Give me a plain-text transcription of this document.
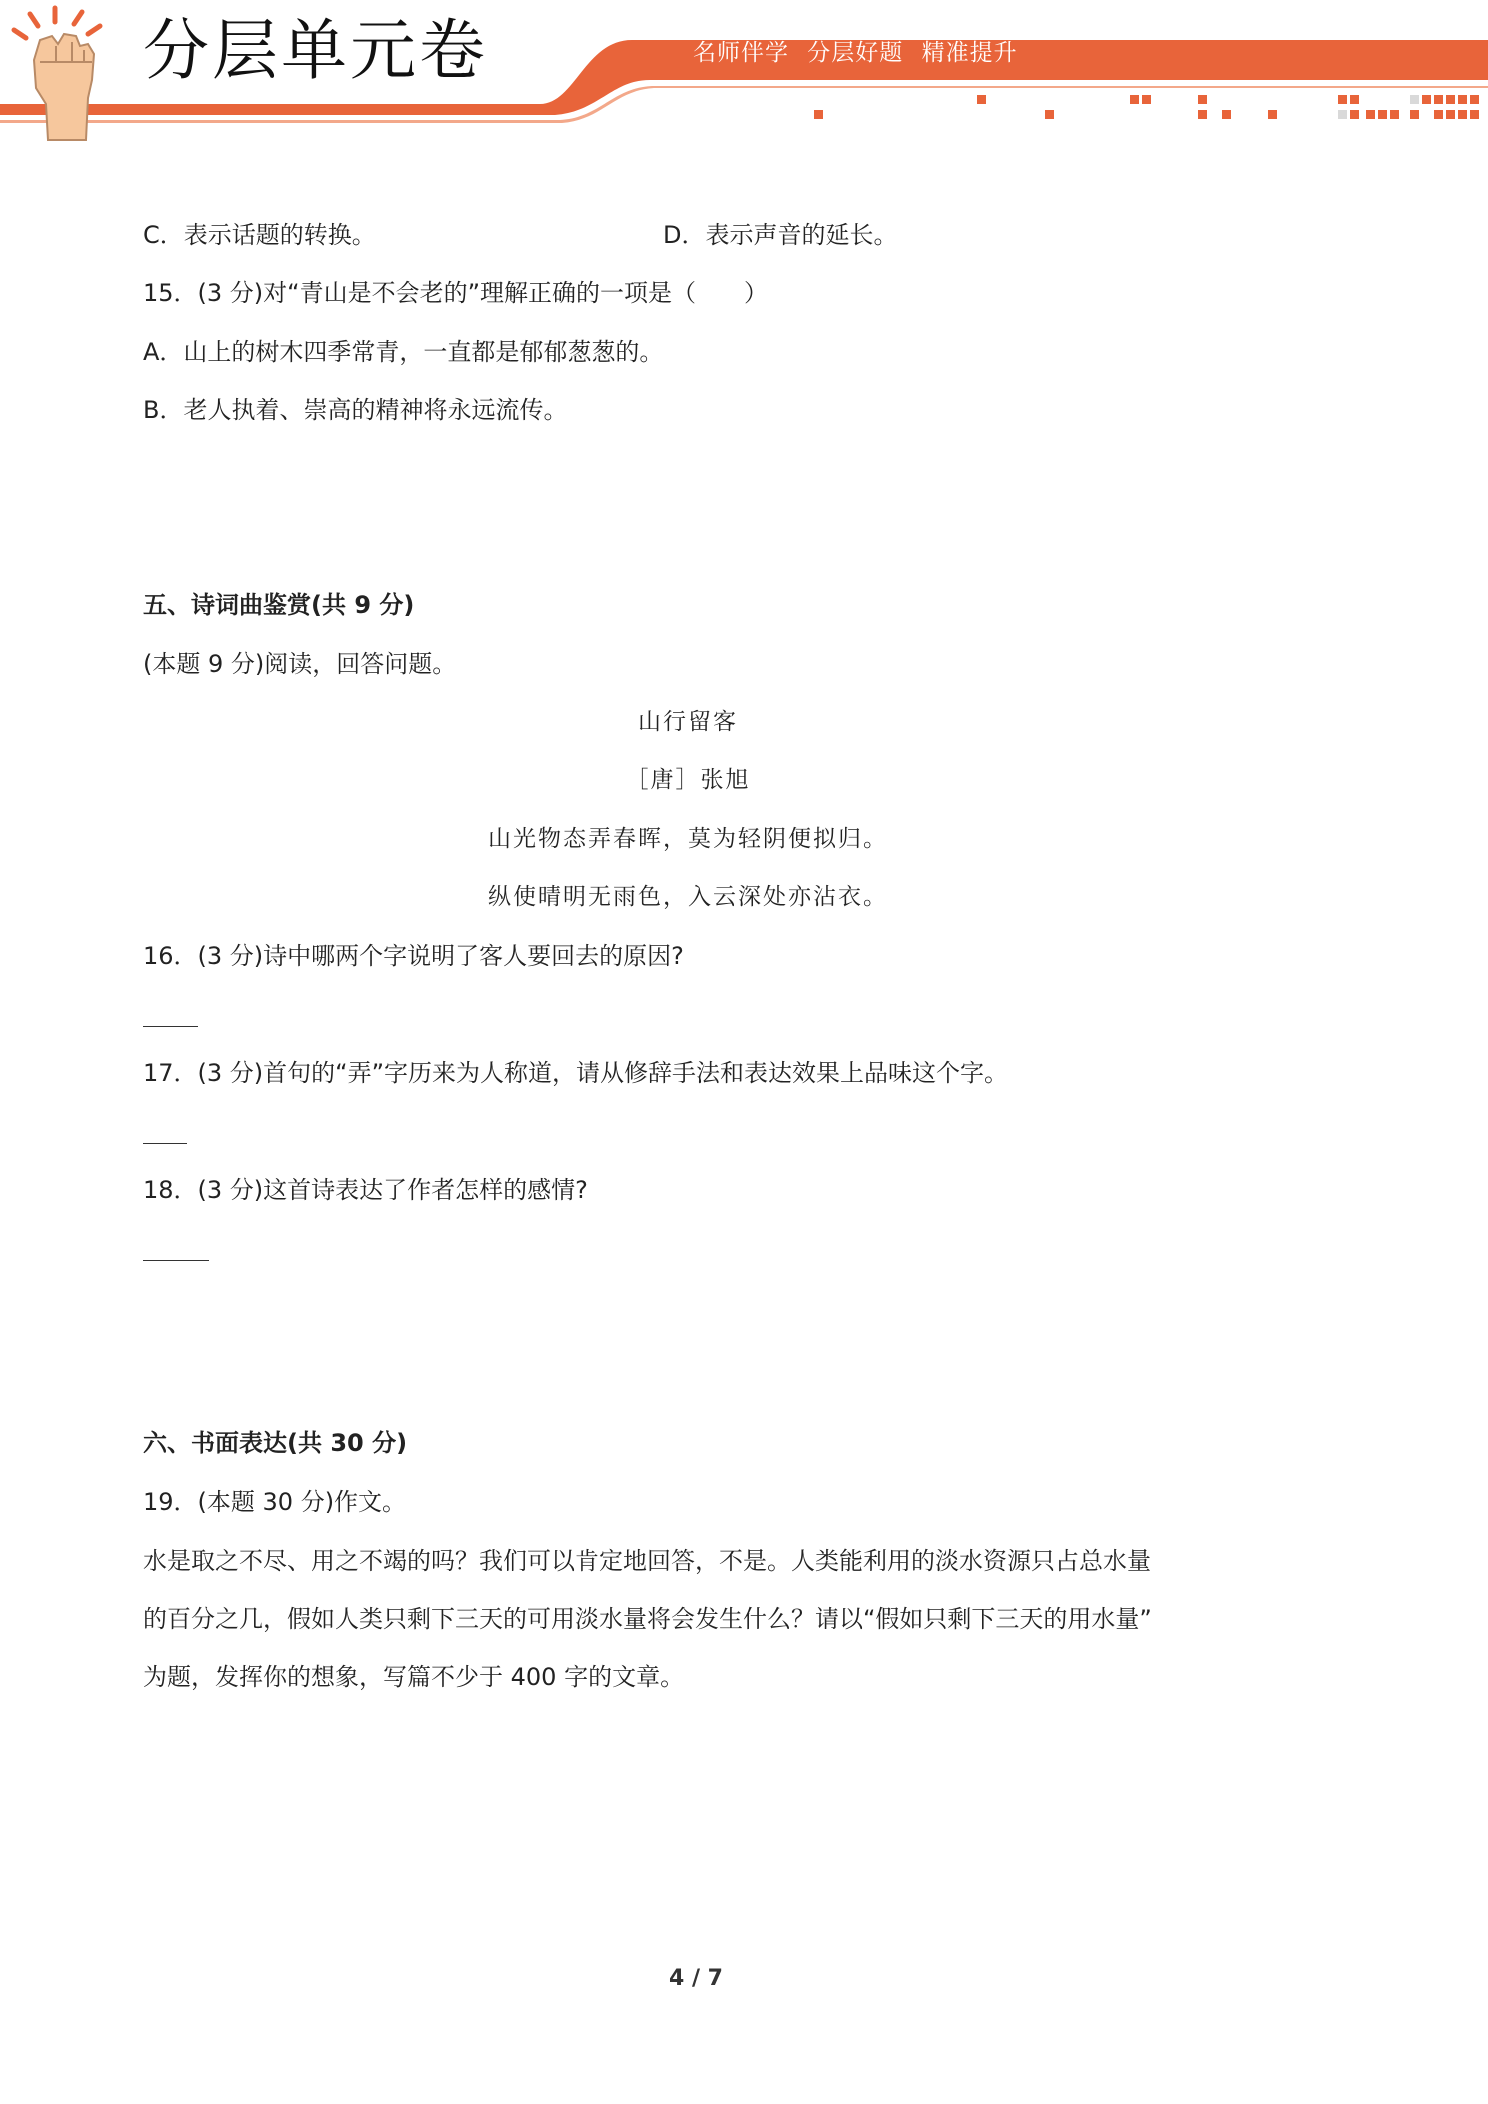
分层单元卷	名师伴学 分层好题 精准提升
C．表示话题的转换。	D．表示声音的延长。
15．(3 分)对“青山是不会老的”理解正确的一项是（　　）
A．山上的树木四季常青，一直都是郁郁葱葱的。
B．老人执着、崇高的精神将永远流传。
五、诗词曲鉴赏(共 9 分)
(本题 9 分)阅读，回答问题。
山行留客
［唐］张旭
山光物态弄春晖，莫为轻阴便拟归。
纵使晴明无雨色，入云深处亦沾衣。
16．(3 分)诗中哪两个字说明了客人要回去的原因?
17．(3 分)首句的“弄”字历来为人称道，请从修辞手法和表达效果上品味这个字。
18．(3 分)这首诗表达了作者怎样的感情?
六、书面表达(共 30 分)
19．(本题 30 分)作文。
水是取之不尽、用之不竭的吗？我们可以肯定地回答，不是。人类能利用的淡水资源只占总水量
的百分之几，假如人类只剩下三天的可用淡水量将会发生什么？请以“假如只剩下三天的用水量”
为题，发挥你的想象，写篇不少于 400 字的文章。
4 / 7
